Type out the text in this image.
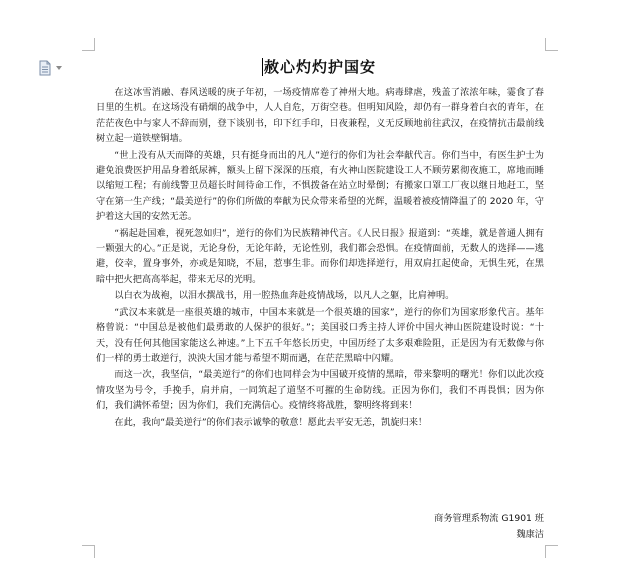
赦心灼灼护国安

在这冰雪消融、春风送暖的庚子年初，一场疫情席卷了神州大地。病毒肆虐，残盖了浓浓年味，霎食了春日里的生机。在这场没有硝烟的战争中，人人自危，万街空巷。但明知风险，却仍有一群身着白衣的青年，在茫茫夜色中与家人不辞而别，登下谈别书，印下红手印，日夜兼程，义无反顾地前往武汉，在疫情抗击最前线树立起一道铁壁铜墙。

“世上没有从天而降的英雄，只有挺身而出的凡人”逆行的你们为社会奉献代言。你们当中，有医生护士为避免浪费医护用品身着纸尿裤，额头上留下深深的压痕，有火神山医院建设工人不顾劳累彻夜施工，席地而睡以缩短工程；有前线警卫员超长时间待命工作，不惧拨备在站立时晕倒；有搬家口罩工厂夜以继日地赶工，坚守在第一生产线；“最美逆行”的你们所做的奉献为民众带来希望的光辉，温暖着被疫情降温了的 2020 年，守护着这大国的安然无恙。

“祸起赴国难，视死忽如归”，逆行的你们为民族精神代言。《人民日报》报道到：“英雄，就是普通人拥有一颗强大的心。”正是说，无论身份，无论年龄，无论性别，我们都会恐惧。在疫情面前，无数人的选择——逃避，佼幸，置身事外，亦或是知晓，不屈，惹事生非。而你们却选择逆行，用双肩扛起使命，无惧生死，在黑暗中把火把高高举起，带来无尽的光明。

以白衣为战袍，以泪水撰战书，用一腔热血奔赴疫情战场，以凡人之躯，比肩神明。

“武汉本来就是一座很英雄的城市，中国本来就是一个很英雄的国家”，逆行的你们为国家形象代言。基年格曾说：“中国总是被他们最勇敢的人保护的很好。”；美国驳口秀主持人评价中国火神山医院建设时说：“十天，没有任何其他国家能这么神速。”上下五千年悠长历史，中国历经了太多艰难险阻，正是因为有无数像与你们一样的勇士敢逆行，泱泱大国才能与希望不期而遇，在茫茫黑暗中闪耀。

而这一次，我坚信，“最美逆行”的你们也同样会为中国破开疫情的黑暗，带来黎明的曙光！你们以此次疫情攻坚为号令，手挽手，肩并肩，一同筑起了道坚不可摧的生命防线。正因为你们，我们不再畏惧；因为你们，我们满怀希望；因为你们，我们充满信心。疫情终将战胜，黎明终将到来！

在此，我向“最美逆行”的你们表示诚挚的敬意！愿此去平安无恙，凯旋归来！

商务管理系物流 G1901 班
魏康洁
